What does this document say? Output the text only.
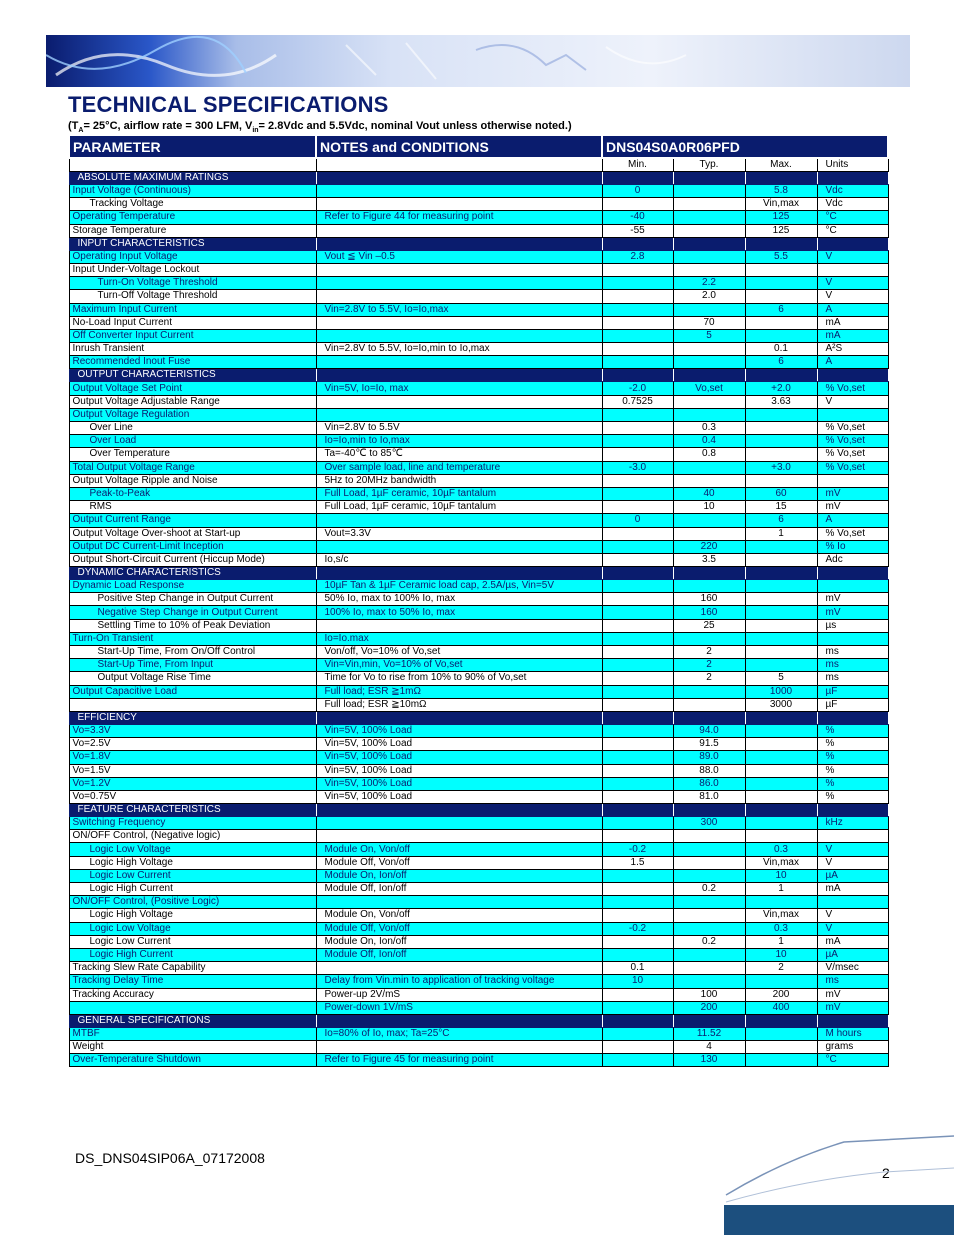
TECHNICAL SPECIFICATIONS
($T_A= 25^\circ C$, airflow rate = 300 LFM, $V_{in}= 2.8Vdc$ and 5.5Vdc, nominal Vout unless otherwise noted.)
PARAMETER	NOTES and CONDITIONS	DNS04S0A0R06PFD			
		Min.	Typ.	Max.	Units
ABSOLUTE MAXIMUM RATINGS					
Input Voltage (Continuous)		0		5.8	Vdc
Tracking Voltage				Vin,max	Vdc
Operating Temperature	Refer to Figure 44 for measuring point	-40		125	°C
Storage Temperature		-55		125	°C
INPUT CHARACTERISTICS					
Operating Input Voltage	Vout ≦ Vin –0.5	2.8		5.5	V
Input Under-Voltage Lockout					
Turn-On Voltage Threshold			2.2		V
Turn-Off Voltage Threshold			2.0		V
Maximum Input Current	Vin=2.8V to 5.5V, Io=Io,max			6	A
No-Load Input Current			70		mA
Off Converter Input Current			5		mA
Inrush Transient	Vin=2.8V to 5.5V, Io=Io,min to Io,max			0.1	A²S
Recommended Inout Fuse				6	A
OUTPUT CHARACTERISTICS					
Output Voltage Set Point	Vin=5V, Io=Io, max	-2.0	Vo,set	+2.0	% Vo,set
Output Voltage Adjustable Range		0.7525		3.63	V
Output Voltage Regulation					
Over Line	Vin=2.8V to 5.5V		0.3		% Vo,set
Over Load	Io=Io,min to Io,max		0.4		% Vo,set
Over Temperature	Ta=-40℃ to 85℃		0.8		% Vo,set
Total Output Voltage Range	Over sample load, line and temperature	-3.0		+3.0	% Vo,set
Output Voltage Ripple and Noise	5Hz to 20MHz bandwidth				
Peak-to-Peak	Full Load, 1µF ceramic, 10µF tantalum		40	60	mV
RMS	Full Load, 1µF ceramic, 10µF tantalum		10	15	mV
Output Current Range		0		6	A
Output Voltage Over-shoot at Start-up	Vout=3.3V			1	% Vo,set
Output DC Current-Limit Inception			220		% Io
Output Short-Circuit Current (Hiccup Mode)	Io,s/c		3.5		Adc
DYNAMIC CHARACTERISTICS					
Dynamic Load Response	10µF Tan & 1µF Ceramic load cap, 2.5A/µs, Vin=5V				
Positive Step Change in Output Current	50% Io, max to 100% Io, max		160		mV
Negative Step Change in Output Current	100% Io, max to 50% Io, max		160		mV
Settling Time to 10% of Peak Deviation			25		µs
Turn-On Transient	Io=Io.max				
Start-Up Time, From On/Off Control	Von/off, Vo=10% of Vo,set		2		ms
Start-Up Time, From Input	Vin=Vin,min, Vo=10% of Vo,set		2		ms
Output Voltage Rise Time	Time for Vo to rise from 10% to 90% of Vo,set		2	5	ms
Output Capacitive Load	Full load; ESR ≧1mΩ			1000	µF
	Full load; ESR ≧10mΩ			3000	µF
EFFICIENCY					
Vo=3.3V	Vin=5V, 100% Load		94.0		%
Vo=2.5V	Vin=5V, 100% Load		91.5		%
Vo=1.8V	Vin=5V, 100% Load		89.0		%
Vo=1.5V	Vin=5V, 100% Load		88.0		%
Vo=1.2V	Vin=5V, 100% Load		86.0		%
Vo=0.75V	Vin=5V, 100% Load		81.0		%
FEATURE CHARACTERISTICS					
Switching Frequency			300		kHz
ON/OFF Control, (Negative logic)					
Logic Low Voltage	Module On, Von/off	-0.2		0.3	V
Logic High Voltage	Module Off, Von/off	1.5		Vin,max	V
Logic Low Current	Module On, Ion/off			10	µA
Logic High Current	Module Off, Ion/off		0.2	1	mA
ON/OFF Control, (Positive Logic)					
Logic High Voltage	Module On, Von/off			Vin,max	V
Logic Low Voltage	Module Off, Von/off	-0.2		0.3	V
Logic Low Current	Module On, Ion/off		0.2	1	mA
Logic High Current	Module Off, Ion/off			10	µA
Tracking Slew Rate Capability		0.1		2	V/msec
Tracking Delay Time	Delay from Vin.min to application of tracking voltage	10			ms
Tracking Accuracy	Power-up 2V/mS		100	200	mV
	Power-down 1V/mS		200	400	mV
GENERAL SPECIFICATIONS					
MTBF	Io=80% of Io, max; Ta=25°C		11.52		M hours
Weight			4		grams
Over-Temperature Shutdown	Refer to Figure 45 for measuring point		130		°C
DS_DNS04SIP06A_07172008
2
